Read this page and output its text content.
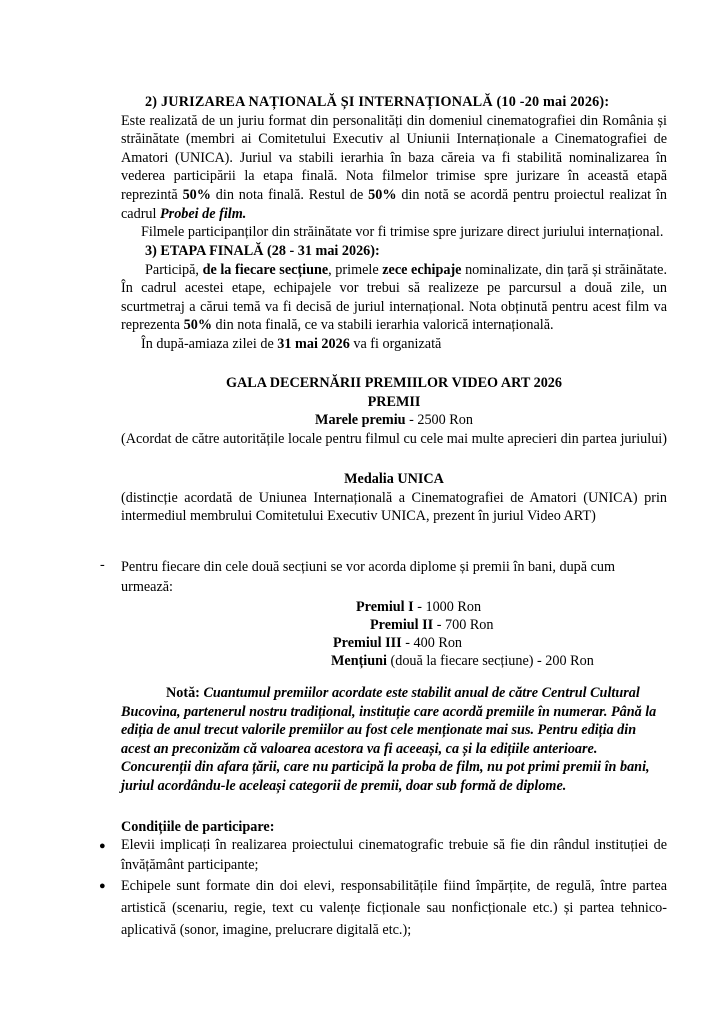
2) JURIZAREA NAȚIONALĂ ȘI INTERNAȚIONALĂ (10 -20 mai 2026):

Este realizată de un juriu format din personalități din domeniul cinematografiei din România și străinătate (membri ai Comitetului Executiv al Uniunii Internaționale a Cinematografiei de Amatori (UNICA). Juriul va stabili ierarhia în baza căreia va fi stabilită nominalizarea în vederea participării la etapa finală. Nota filmelor trimise spre jurizare în această etapă reprezintă 50% din nota finală. Restul de 50% din notă se acordă pentru proiectul realizat în cadrul Probei de film.

Filmele participanților din străinătate vor fi trimise spre jurizare direct juriului internațional.

3) ETAPA FINALĂ (28 - 31 mai 2026):

Participă, de la fiecare secțiune, primele zece echipaje nominalizate, din țară și străinătate. În cadrul acestei etape, echipajele vor trebui să realizeze pe parcursul a două zile, un scurtmetraj a cărui temă va fi decisă de juriul internațional. Nota obținută pentru acest film va reprezenta 50% din nota finală, ce va stabili ierarhia valorică internațională.

În după-amiaza zilei de 31 mai 2026 va fi organizată

GALA DECERNĂRII PREMIILOR VIDEO ART 2026

PREMII

Marele premiu - 2500 Ron

(Acordat de către autoritățile locale pentru filmul cu cele mai multe aprecieri din partea juriului)

Medalia UNICA

(distincție acordată de Uniunea Internațională a Cinematografiei de Amatori (UNICA) prin intermediul membrului Comitetului Executiv UNICA, prezent în juriul Video ART)

- Pentru fiecare din cele două secțiuni se vor acorda diplome și premii în bani, după cum urmează:
Premiul I - 1000 Ron
Premiul II - 700 Ron
Premiul III - 400 Ron
Mențiuni (două la fiecare secțiune) - 200 Ron

Notă: Cuantumul premiilor acordate este stabilit anual de către Centrul Cultural Bucovina, partenerul nostru tradițional, instituție care acordă premiile în numerar. Până la ediția de anul trecut valorile premiilor au fost cele menționate mai sus. Pentru ediția din acest an preconizăm că valoarea acestora va fi aceeași, ca și la edițiile anterioare. Concurenții din afara țării, care nu participă la proba de film, nu pot primi premii în bani, juriul acordându-le aceleași categorii de premii, doar sub formă de diplome.

Condițiile de participare:

● Elevii implicați în realizarea proiectului cinematografic trebuie să fie din rândul instituției de învățământ participante;
● Echipele sunt formate din doi elevi, responsabilitățile fiind împărțite, de regulă, între partea artistică (scenariu, regie, text cu valențe ficționale sau nonficționale etc.) și partea tehnico-aplicativă (sonor, imagine, prelucrare digitală etc.);
